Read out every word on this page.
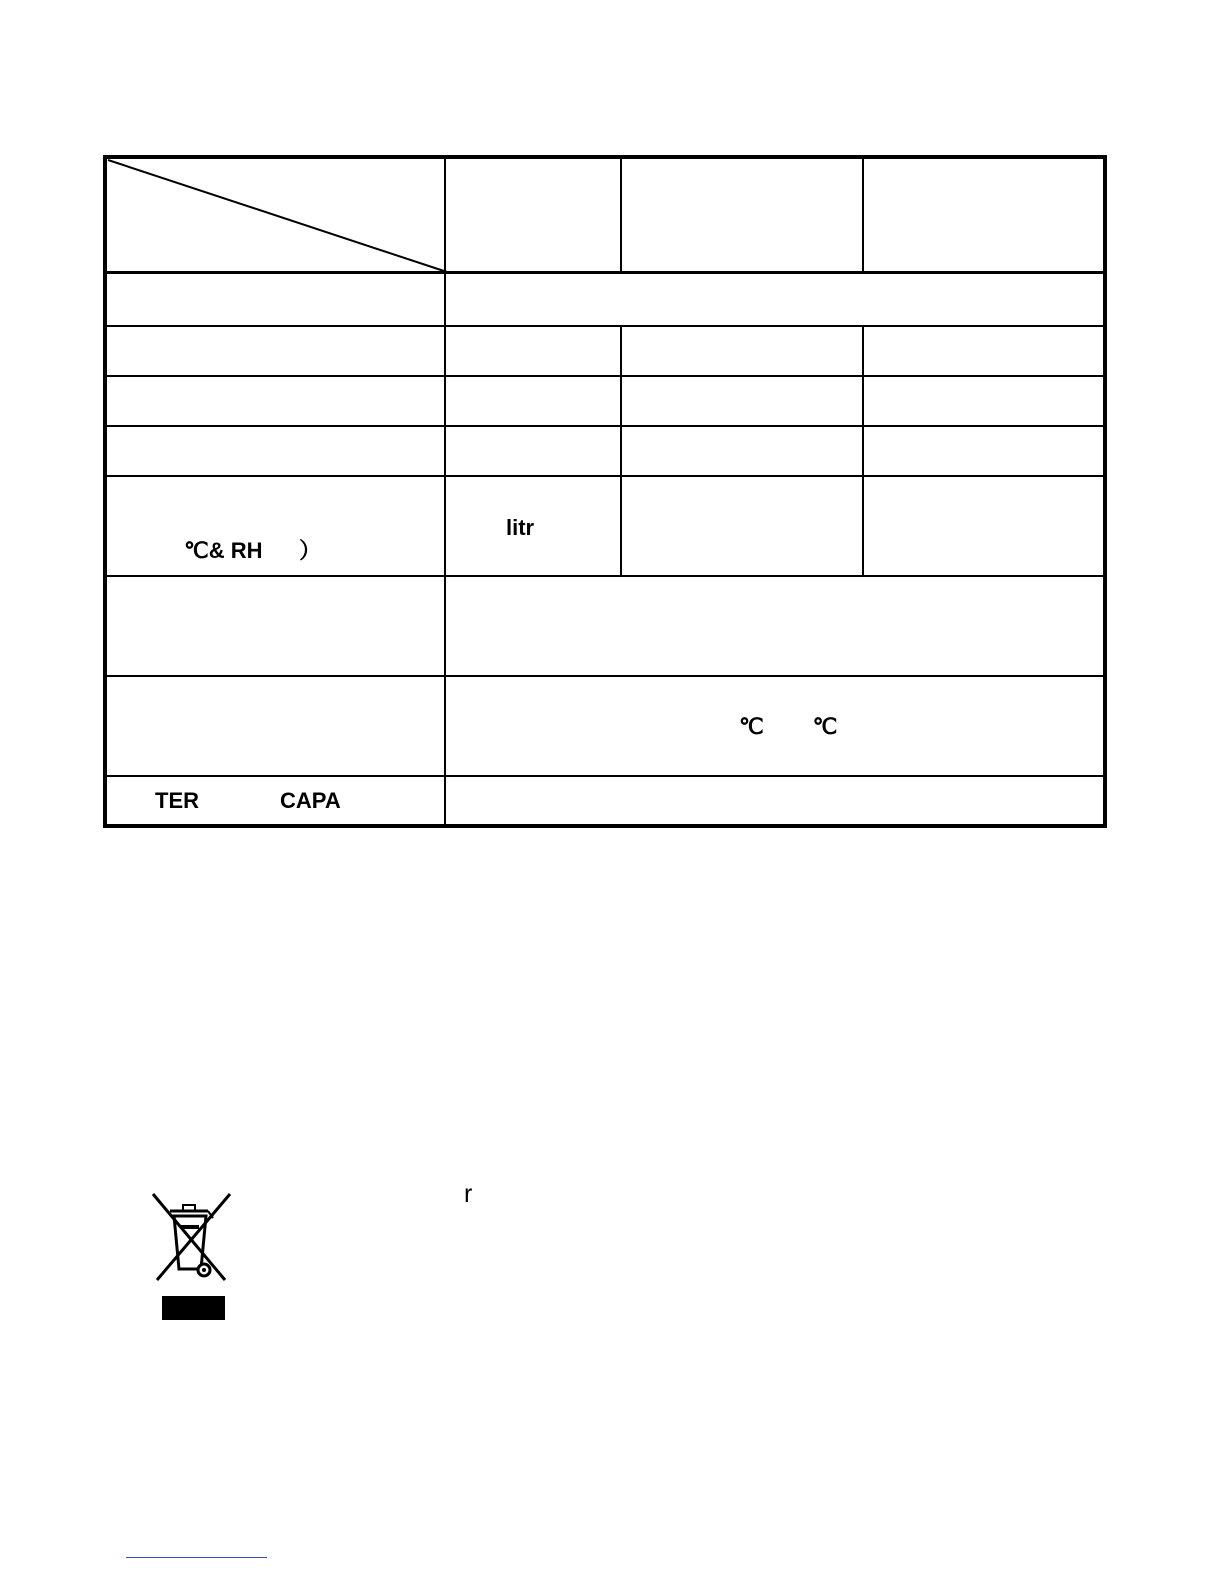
℃& RH      ）
litr
℃        ℃
TER	CAPA
r
